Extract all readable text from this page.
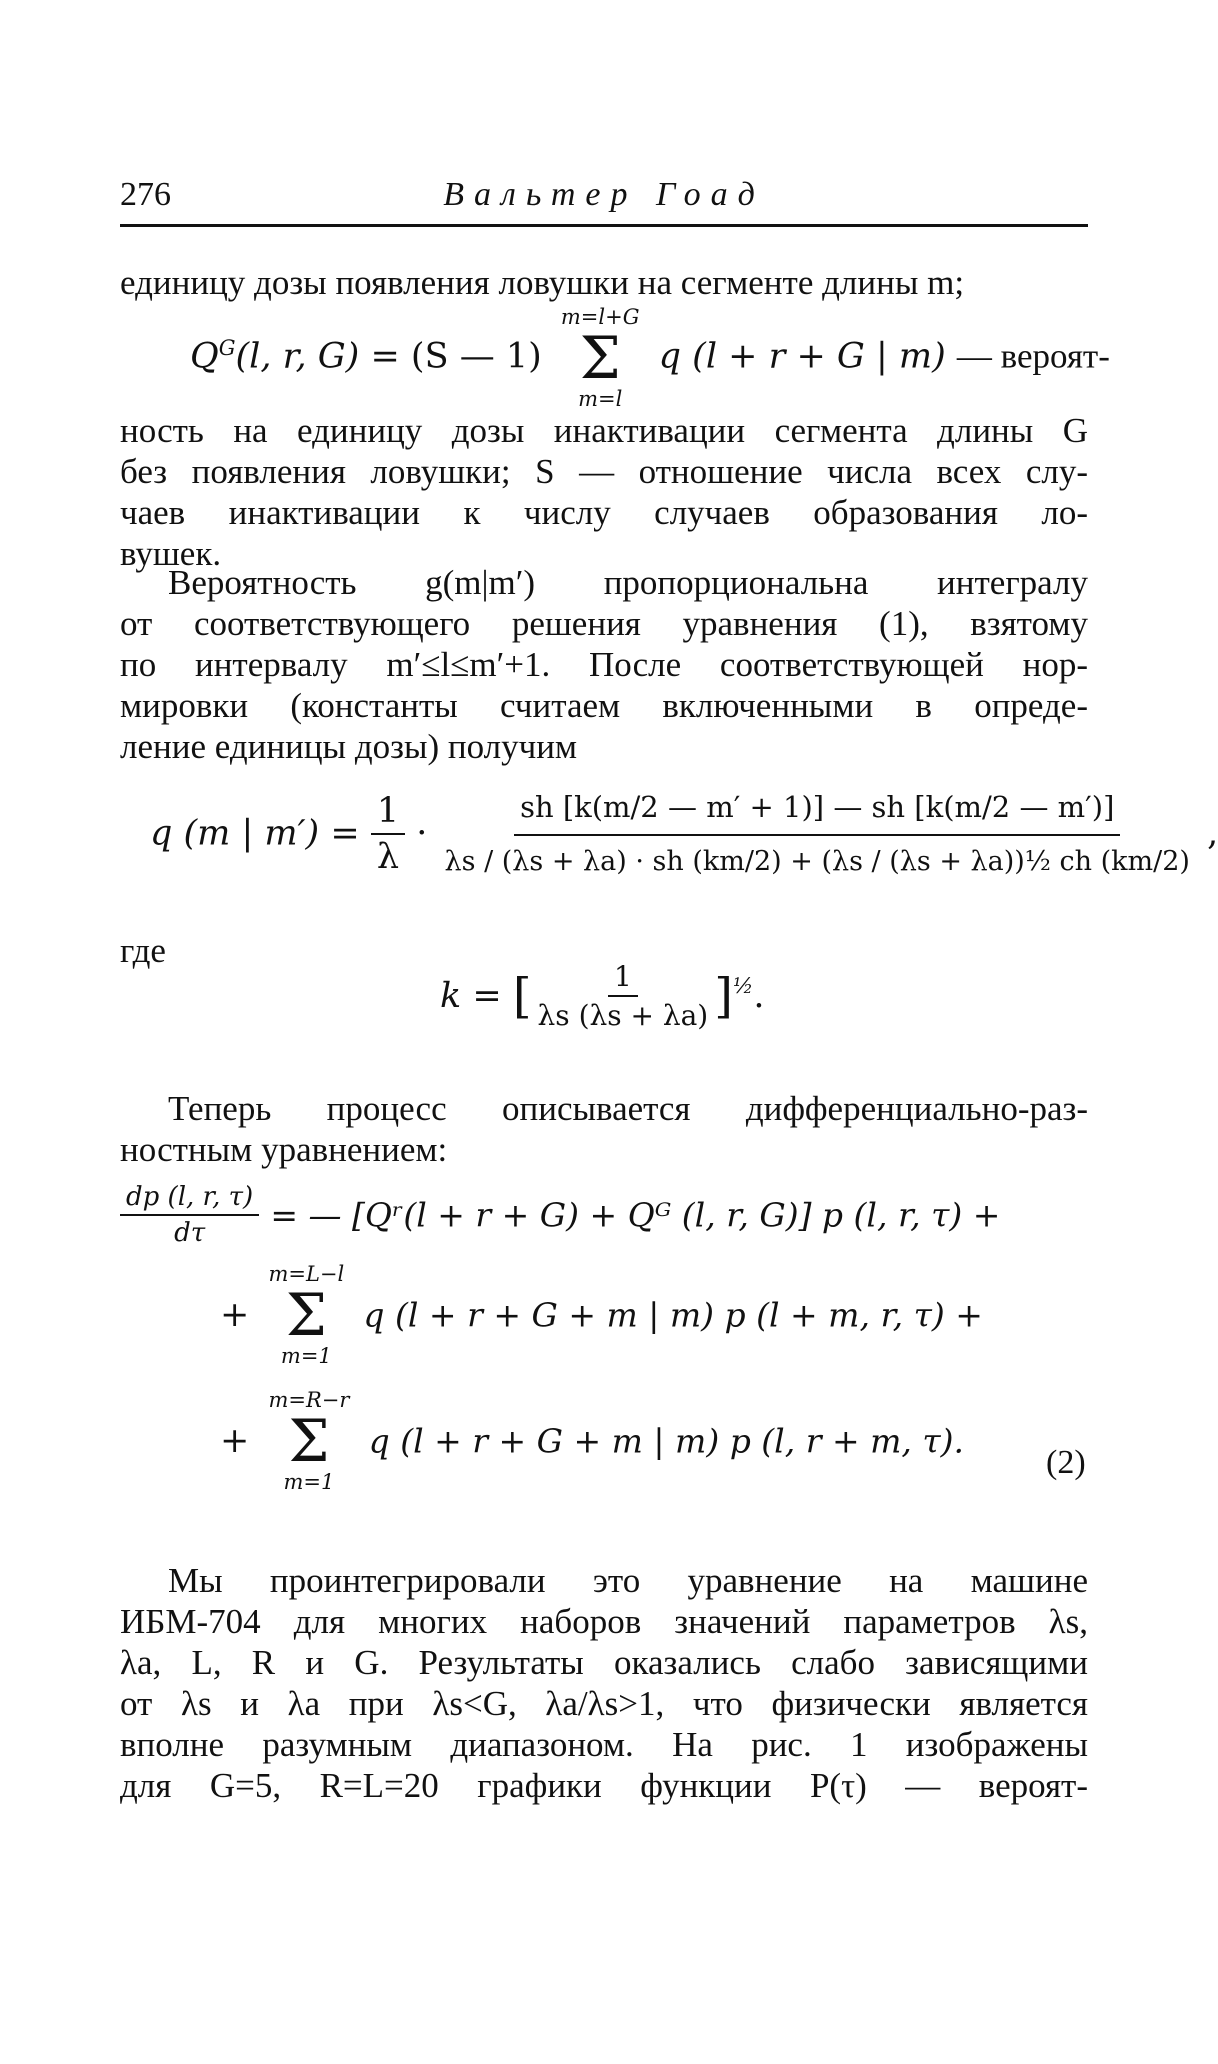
276	Вальтер Гоад

единицу дозы появления ловушки на сегменте длины m;

$Q^G(l$, r, G) = (S — 1)
m=l+G
Σ
m=l
q (l + r + G | m) — вероят-

ность на единицу дозы инактивации сегмента длины G
без появления ловушки; S — отношение числа всех слу-
чаев инактивации к числу случаев образования ло-
вушек.

Вероятность g(m|m′) пропорциональна интегралу
от соответствующего решения уравнения (1), взятому
по интервалу m′≤l≤m′+1. После соответствующей нор-
мировки (константы считаем включенными в опреде-
ление единицы дозы) получим

q (m | $m') = \frac{1}{\lambda}$ ·
sh [k(m/2 — m′ + 1)] — sh [k(m/2 — m′)]
λs / (λs + λa) · sh (km/2) + (λs / (λs + λa))½ ch (km/2)
,

где

k = [ $\frac{1}{\lambda s (\lambda s + \lambda a)} ]^{\frac{1}{2}}$.

Теперь процесс описывается дифференциально-раз-
ностным уравнением:

$\frac{dp (l, r, \tau)}{d\tau}$ = — [Qʳ(l + r + G) + Qᴳ (l, r, G)] p (l, r, τ) +
+
m=L−l
Σ
m=1
q (l + r + G + m | m) p (l + m, r, τ) +
+
m=R−r
Σ
m=1
q (l + r + G + m | m) p (l, r + m, τ).
(2)

Мы проинтегрировали это уравнение на машине
ИБМ-704 для многих наборов значений параметров λs,
λa, L, R и G. Результаты оказались слабо зависящими
от λs и λa при λs<G, λa/λs>1, что физически является
вполне разумным диапазоном. На рис. 1 изображены
для G=5, R=L=20 графики функции P(τ) — вероят-
